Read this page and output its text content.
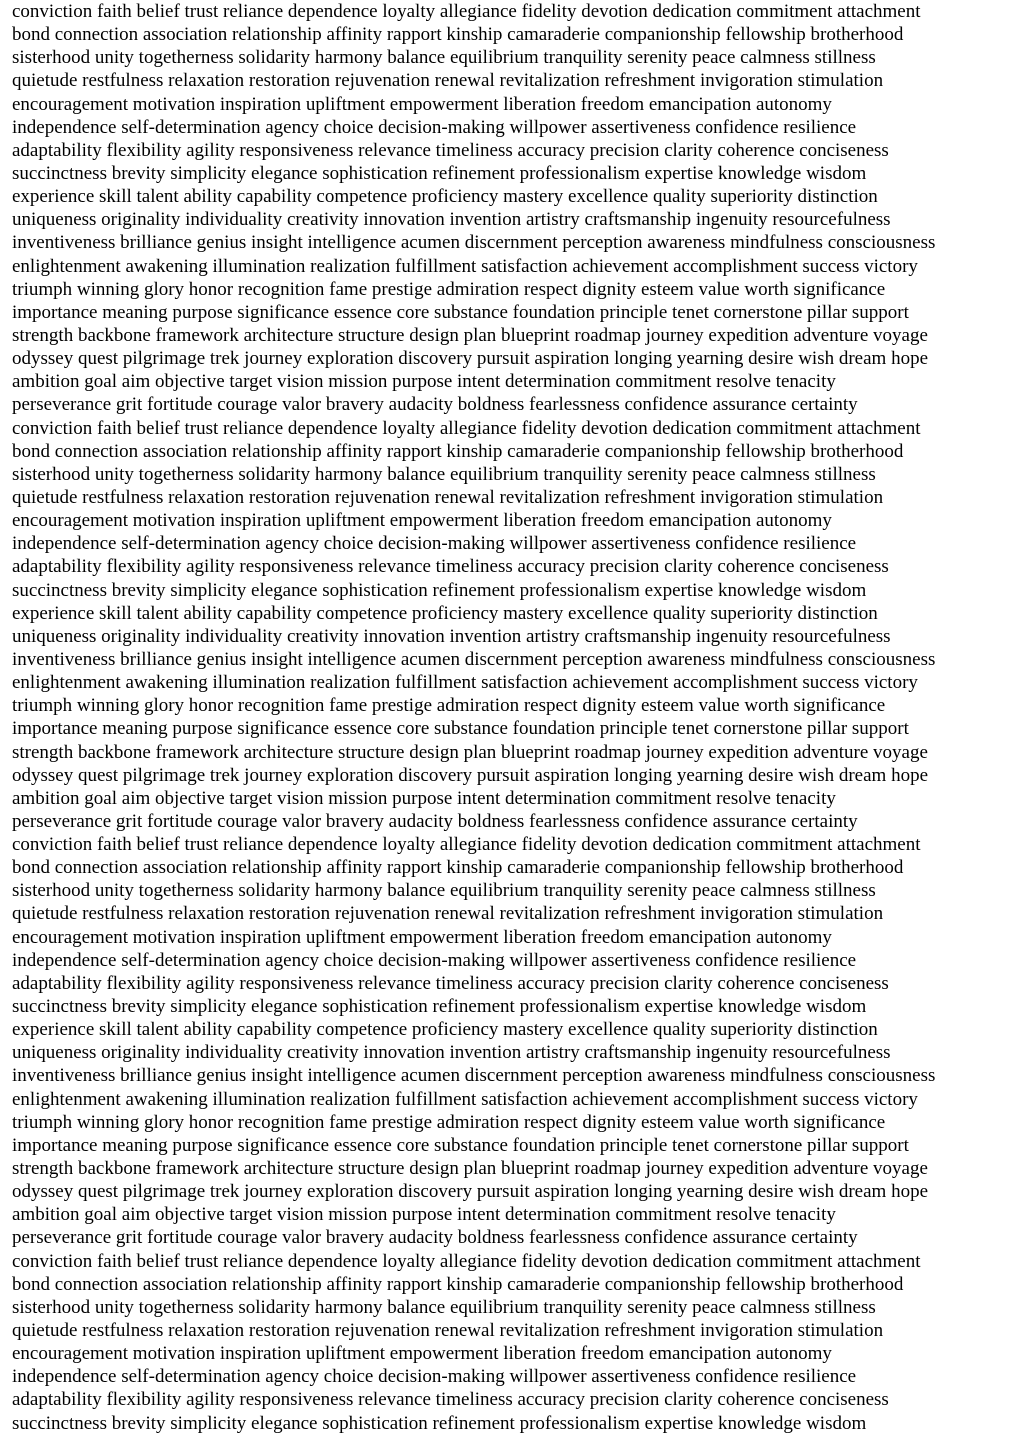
conviction faith belief trust reliance dependence loyalty allegiance fidelity devotion dedication commitment attachment
bond connection association relationship affinity rapport kinship camaraderie companionship fellowship brotherhood
sisterhood unity togetherness solidarity harmony balance equilibrium tranquility serenity peace calmness stillness
quietude restfulness relaxation restoration rejuvenation renewal revitalization refreshment invigoration stimulation
encouragement motivation inspiration upliftment empowerment liberation freedom emancipation autonomy
independence self-determination agency choice decision-making willpower assertiveness confidence resilience
adaptability flexibility agility responsiveness relevance timeliness accuracy precision clarity coherence conciseness
succinctness brevity simplicity elegance sophistication refinement professionalism expertise knowledge wisdom
experience skill talent ability capability competence proficiency mastery excellence quality superiority distinction
uniqueness originality individuality creativity innovation invention artistry craftsmanship ingenuity resourcefulness
inventiveness brilliance genius insight intelligence acumen discernment perception awareness mindfulness consciousness
enlightenment awakening illumination realization fulfillment satisfaction achievement accomplishment success victory
triumph winning glory honor recognition fame prestige admiration respect dignity esteem value worth significance
importance meaning purpose significance essence core substance foundation principle tenet cornerstone pillar support
strength backbone framework architecture structure design plan blueprint roadmap journey expedition adventure voyage
odyssey quest pilgrimage trek journey exploration discovery pursuit aspiration longing yearning desire wish dream hope
ambition goal aim objective target vision mission purpose intent determination commitment resolve tenacity
perseverance grit fortitude courage valor bravery audacity boldness fearlessness confidence assurance certainty
conviction faith belief trust reliance dependence loyalty allegiance fidelity devotion dedication commitment attachment
bond connection association relationship affinity rapport kinship camaraderie companionship fellowship brotherhood
sisterhood unity togetherness solidarity harmony balance equilibrium tranquility serenity peace calmness stillness
quietude restfulness relaxation restoration rejuvenation renewal revitalization refreshment invigoration stimulation
encouragement motivation inspiration upliftment empowerment liberation freedom emancipation autonomy
independence self-determination agency choice decision-making willpower assertiveness confidence resilience
adaptability flexibility agility responsiveness relevance timeliness accuracy precision clarity coherence conciseness
succinctness brevity simplicity elegance sophistication refinement professionalism expertise knowledge wisdom
experience skill talent ability capability competence proficiency mastery excellence quality superiority distinction
uniqueness originality individuality creativity innovation invention artistry craftsmanship ingenuity resourcefulness
inventiveness brilliance genius insight intelligence acumen discernment perception awareness mindfulness consciousness
enlightenment awakening illumination realization fulfillment satisfaction achievement accomplishment success victory
triumph winning glory honor recognition fame prestige admiration respect dignity esteem value worth significance
importance meaning purpose significance essence core substance foundation principle tenet cornerstone pillar support
strength backbone framework architecture structure design plan blueprint roadmap journey expedition adventure voyage
odyssey quest pilgrimage trek journey exploration discovery pursuit aspiration longing yearning desire wish dream hope
ambition goal aim objective target vision mission purpose intent determination commitment resolve tenacity
perseverance grit fortitude courage valor bravery audacity boldness fearlessness confidence assurance certainty
conviction faith belief trust reliance dependence loyalty allegiance fidelity devotion dedication commitment attachment
bond connection association relationship affinity rapport kinship camaraderie companionship fellowship brotherhood
sisterhood unity togetherness solidarity harmony balance equilibrium tranquility serenity peace calmness stillness
quietude restfulness relaxation restoration rejuvenation renewal revitalization refreshment invigoration stimulation
encouragement motivation inspiration upliftment empowerment liberation freedom emancipation autonomy
independence self-determination agency choice decision-making willpower assertiveness confidence resilience
adaptability flexibility agility responsiveness relevance timeliness accuracy precision clarity coherence conciseness
succinctness brevity simplicity elegance sophistication refinement professionalism expertise knowledge wisdom
experience skill talent ability capability competence proficiency mastery excellence quality superiority distinction
uniqueness originality individuality creativity innovation invention artistry craftsmanship ingenuity resourcefulness
inventiveness brilliance genius insight intelligence acumen discernment perception awareness mindfulness consciousness
enlightenment awakening illumination realization fulfillment satisfaction achievement accomplishment success victory
triumph winning glory honor recognition fame prestige admiration respect dignity esteem value worth significance
importance meaning purpose significance essence core substance foundation principle tenet cornerstone pillar support
strength backbone framework architecture structure design plan blueprint roadmap journey expedition adventure voyage
odyssey quest pilgrimage trek journey exploration discovery pursuit aspiration longing yearning desire wish dream hope
ambition goal aim objective target vision mission purpose intent determination commitment resolve tenacity
perseverance grit fortitude courage valor bravery audacity boldness fearlessness confidence assurance certainty
conviction faith belief trust reliance dependence loyalty allegiance fidelity devotion dedication commitment attachment
bond connection association relationship affinity rapport kinship camaraderie companionship fellowship brotherhood
sisterhood unity togetherness solidarity harmony balance equilibrium tranquility serenity peace calmness stillness
quietude restfulness relaxation restoration rejuvenation renewal revitalization refreshment invigoration stimulation
encouragement motivation inspiration upliftment empowerment liberation freedom emancipation autonomy
independence self-determination agency choice decision-making willpower assertiveness confidence resilience
adaptability flexibility agility responsiveness relevance timeliness accuracy precision clarity coherence conciseness
succinctness brevity simplicity elegance sophistication refinement professionalism expertise knowledge wisdom
